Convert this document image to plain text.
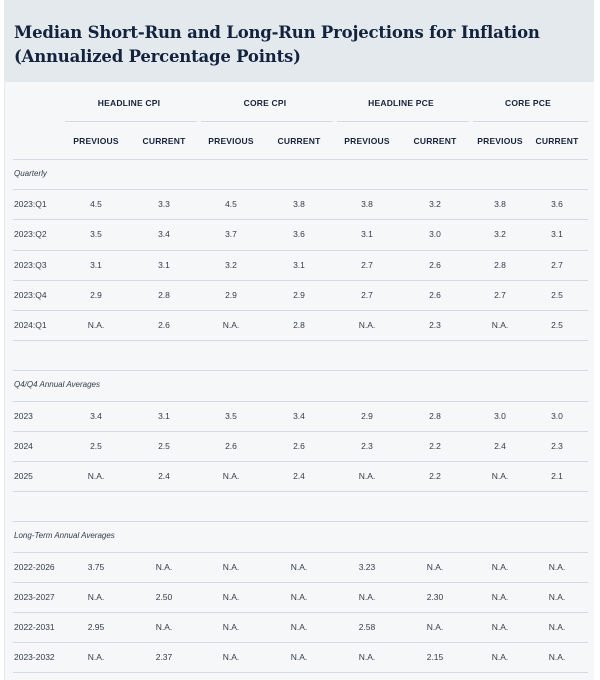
Median Short-Run and Long-Run Projections for Inflation (Annualized Percentage Points)
HEADLINE CPI	CORE CPI	HEADLINE PCE	CORE PCE
PREVIOUS	CURRENT	PREVIOUS	CURRENT	PREVIOUS	CURRENT	PREVIOUS	CURRENT
Quarterly
2023:Q1	4.5	3.3	4.5	3.8	3.8	3.2	3.8	3.6
2023:Q2	3.5	3.4	3.7	3.6	3.1	3.0	3.2	3.1
2023:Q3	3.1	3.1	3.2	3.1	2.7	2.6	2.8	2.7
2023:Q4	2.9	2.8	2.9	2.9	2.7	2.6	2.7	2.5
2024:Q1	N.A.	2.6	N.A.	2.8	N.A.	2.3	N.A.	2.5
Q4/Q4 Annual Averages
2023	3.4	3.1	3.5	3.4	2.9	2.8	3.0	3.0
2024	2.5	2.5	2.6	2.6	2.3	2.2	2.4	2.3
2025	N.A.	2.4	N.A.	2.4	N.A.	2.2	N.A.	2.1
Long-Term Annual Averages
2022-2026	3.75	N.A.	N.A.	N.A.	3.23	N.A.	N.A.	N.A.
2023-2027	N.A.	2.50	N.A.	N.A.	N.A.	2.30	N.A.	N.A.
2022-2031	2.95	N.A.	N.A.	N.A.	2.58	N.A.	N.A.	N.A.
2023-2032	N.A.	2.37	N.A.	N.A.	N.A.	2.15	N.A.	N.A.
